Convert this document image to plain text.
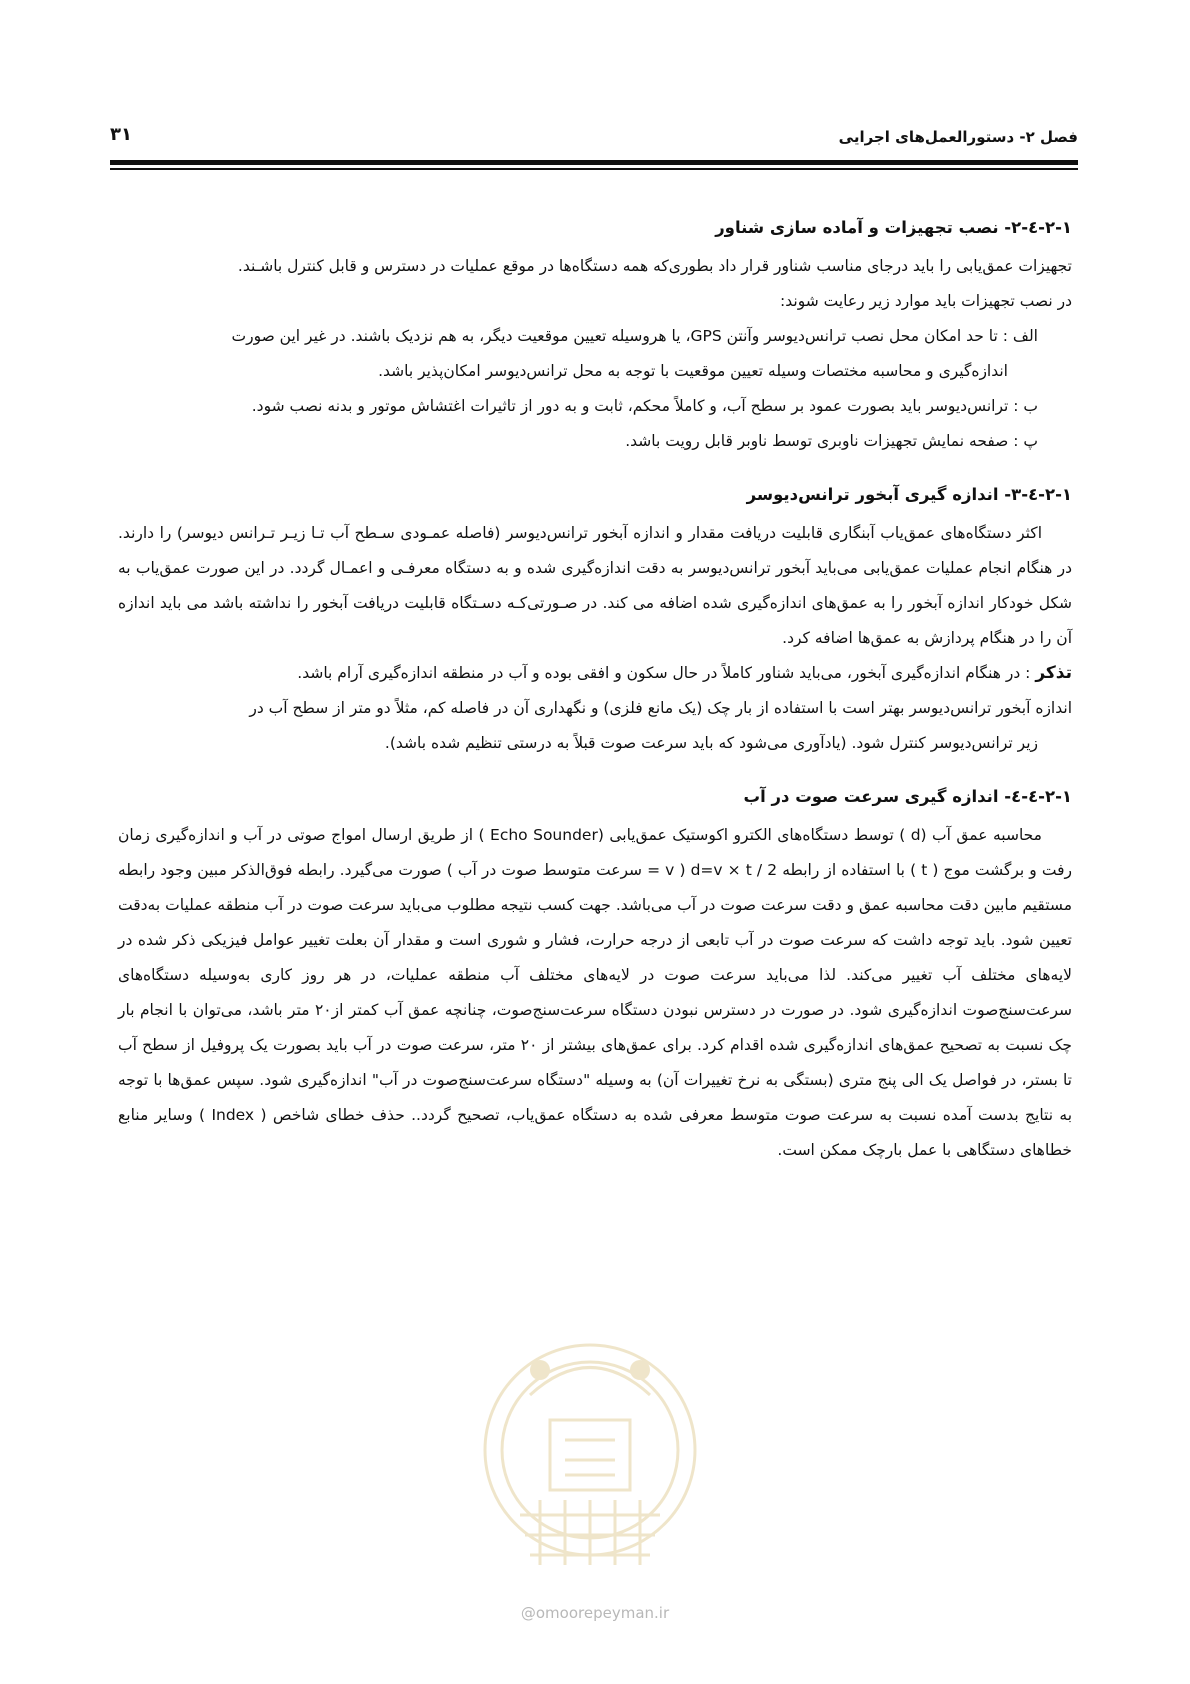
فصل ۲- دستورالعمل‌های اجرایی
۳۱

۲-۱-٤-۲- نصب تجهیزات و آماده سازی شناور

تجهیزات عمق‌یابی را باید درجای مناسب شناور قرار داد بطوری‌که همه دستگاه‌ها در موقع عملیات در دسترس و قابل کنترل باشـند.

در نصب تجهیزات باید موارد زیر رعایت شوند:

الف : تا حد امکان محل نصب ترانس‌دیوسر وآنتن GPS، یا هروسیله تعیین موقعیت دیگر، به هم نزدیک باشند. در غیر این صورت

اندازه‌گیری و محاسبه مختصات وسیله تعیین موقعیت با توجه به محل ترانس‌دیوسر امکان‌پذیر باشد.

ب : ترانس‌دیوسر باید بصورت عمود بر سطح آب، و کاملاً محکم، ثابت و به دور از تاثیرات اغتشاش موتور و بدنه نصب شود.

پ : صفحه نمایش تجهیزات ناوبری توسط ناوبر قابل رویت باشد.

۲-۱-٤-۳- اندازه گیری آبخور ترانس‌دیوسر

اکثر دستگاه‌های عمق‌یاب آبنگاری قابلیت دریافت مقدار و اندازه آبخور ترانس‌دیوسر (فاصله عمـودی سـطح آب تـا زیـر تـرانس دیوسر) را دارند. در هنگام انجام عملیات عمق‌یابی می‌باید آبخور ترانس‌دیوسر به دقت اندازه‌گیری شده و به دستگاه معرفـی و اعمـال گردد. در این صورت عمق‌یاب به شکل خودکار اندازه آبخور را به عمق‌های اندازه‌گیری شده اضافه می کند. در صـورتی‌کـه دسـتگاه قابلیت دریافت آبخور را نداشته باشد می باید اندازه آن را در هنگام پردازش به عمق‌ها اضافه کرد.

تذکر : در هنگام اندازه‌گیری آبخور، می‌باید شناور کاملاً در حال سکون و افقی بوده و آب در منطقه اندازه‌گیری آرام باشد.

اندازه آبخور ترانس‌دیوسر بهتر است با استفاده از بار چک (یک مانع فلزی) و نگهداری آن در فاصله کم، مثلاً دو متر از سطح آب در

زیر ترانس‌دیوسر کنترل شود. (یادآوری می‌شود که باید سرعت صوت قبلاً به درستی تنظیم شده باشد).

۲-۱-٤-٤- اندازه گیری سرعت صوت در آب

محاسبه عمق آب (d ) توسط دستگاه‌های الکترو اکوستیک عمق‌یابی (Echo Sounder ) از طریق ارسال امواج صوتی در آب و اندازه‌گیری زمان رفت و برگشت موج ( t ) با استفاده از رابطه d=v × t / 2 ( v = سرعت متوسط صوت در آب ) صورت می‌گیرد. رابطه فوق‌الذکر مبین وجود رابطه مستقیم مابین دقت محاسبه عمق و دقت سرعت صوت در آب می‌باشد. جهت کسب نتیجه مطلوب می‌باید سرعت صوت در آب منطقه عملیات به‌دقت تعیین شود. باید توجه داشت که سرعت صوت در آب تابعی از درجه حرارت، فشار و شوری است و مقدار آن بعلت تغییر عوامل فیزیکی ذکر شده در لایه‌های مختلف آب تغییر می‌کند. لذا می‌باید سرعت صوت در لایه‌های مختلف آب منطقه عملیات، در هر روز کاری به‌وسیله دستگاه‌های سرعت‌سنج‌صوت اندازه‌گیری شود. در صورت در دسترس نبودن دستگاه سرعت‌سنج‌صوت، چنانچه عمق آب کمتر از۲۰ متر باشد، می‌توان با انجام بار چک نسبت به تصحیح عمق‌های اندازه‌گیری شده اقدام کرد. برای عمق‌های بیشتر از ۲۰ متر، سرعت صوت در آب باید بصورت یک پروفیل از سطح آب تا بستر، در فواصل یک الی پنج متری (بستگی به نرخ تغییرات آن) به وسیله "دستگاه سرعت‌سنج‌صوت در آب" اندازه‌گیری شود. سپس عمق‌ها با توجه به نتایج بدست آمده نسبت به سرعت صوت متوسط معرفی شده به دستگاه عمق‌یاب، تصحیح گردد.. حذف خطای شاخص ( Index ) وسایر منابع خطاهای دستگاهی با عمل بارچک ممکن است.

@omoorepeyman.ir
